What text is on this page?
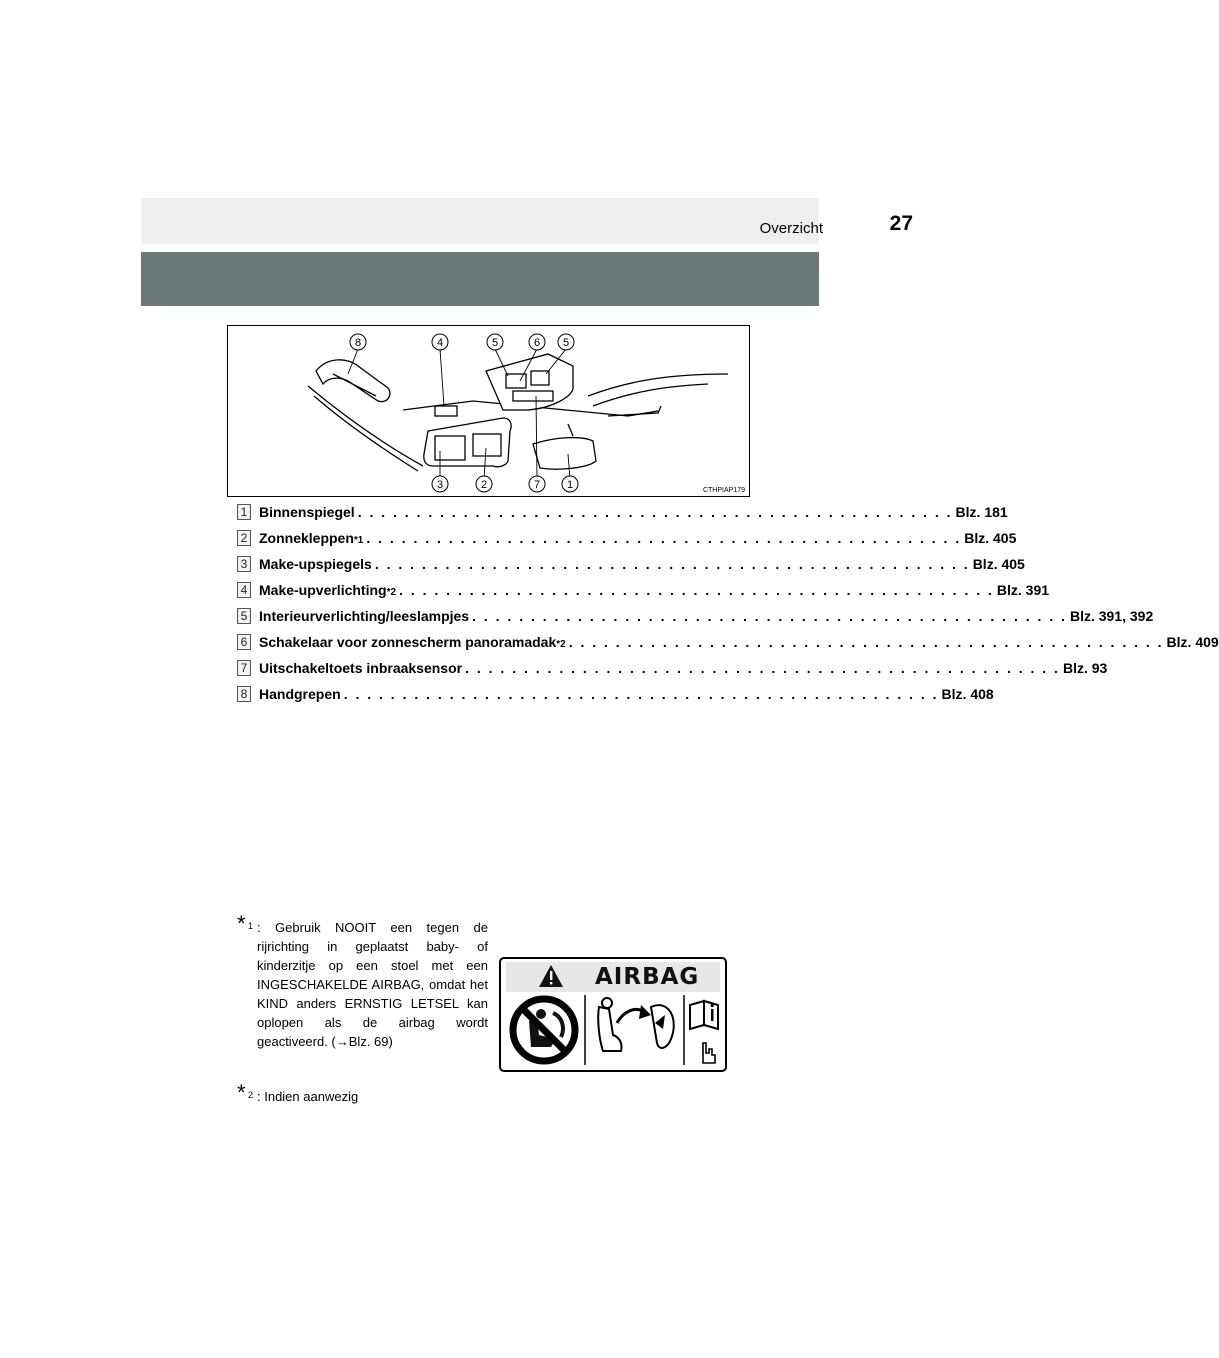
Overzicht	27
8	4	5	6 5
3	2	7 1	CTHPIAP179
1 Binnenspiegel . . . . . . . . . . . . . . . . . . . . . . . . . . . . . . . . . . . . . . . . . . . . . . . . . . . Blz. 181
2 Zonnekleppen *1 . . . . . . . . . . . . . . . . . . . . . . . . . . . . . . . . . . . . . . . . . . . . . . . . . . . Blz. 405
3 Make-upspiegels . . . . . . . . . . . . . . . . . . . . . . . . . . . . . . . . . . . . . . . . . . . . . . . . . . . Blz. 405
4 Make-upverlichting *2 . . . . . . . . . . . . . . . . . . . . . . . . . . . . . . . . . . . . . . . . . . . . . . . . . . . Blz. 391
5 Interieurverlichting/leeslampjes . . . . . . . . . . . . . . . . . . . . . . . . . . . . . . . . . . . . . . . . . . . . . . . . . . . Blz. 391, 392
6 Schakelaar voor zonnescherm panoramadak *2 . . . . . . . . . . . . . . . . . . . . . . . . . . . . . . . . . . . . . . . . . . . . . . . . . . . Blz. 409
7 Uitschakeltoets inbraaksensor . . . . . . . . . . . . . . . . . . . . . . . . . . . . . . . . . . . . . . . . . . . . . . . . . . . Blz. 93
8 Handgrepen . . . . . . . . . . . . . . . . . . . . . . . . . . . . . . . . . . . . . . . . . . . . . . . . . . . Blz. 408
* 1 : Gebruik NOOIT een tegen de rijrichting in geplaatst baby- of kinderzitje op een stoel met een INGESCHAKELDE AIRBAG, omdat het KIND anders ERNSTIG LETSEL kan oplopen als de airbag wordt geactiveerd. (→Blz. 69)
* 2 : Indien aanwezig
AIRBAG
